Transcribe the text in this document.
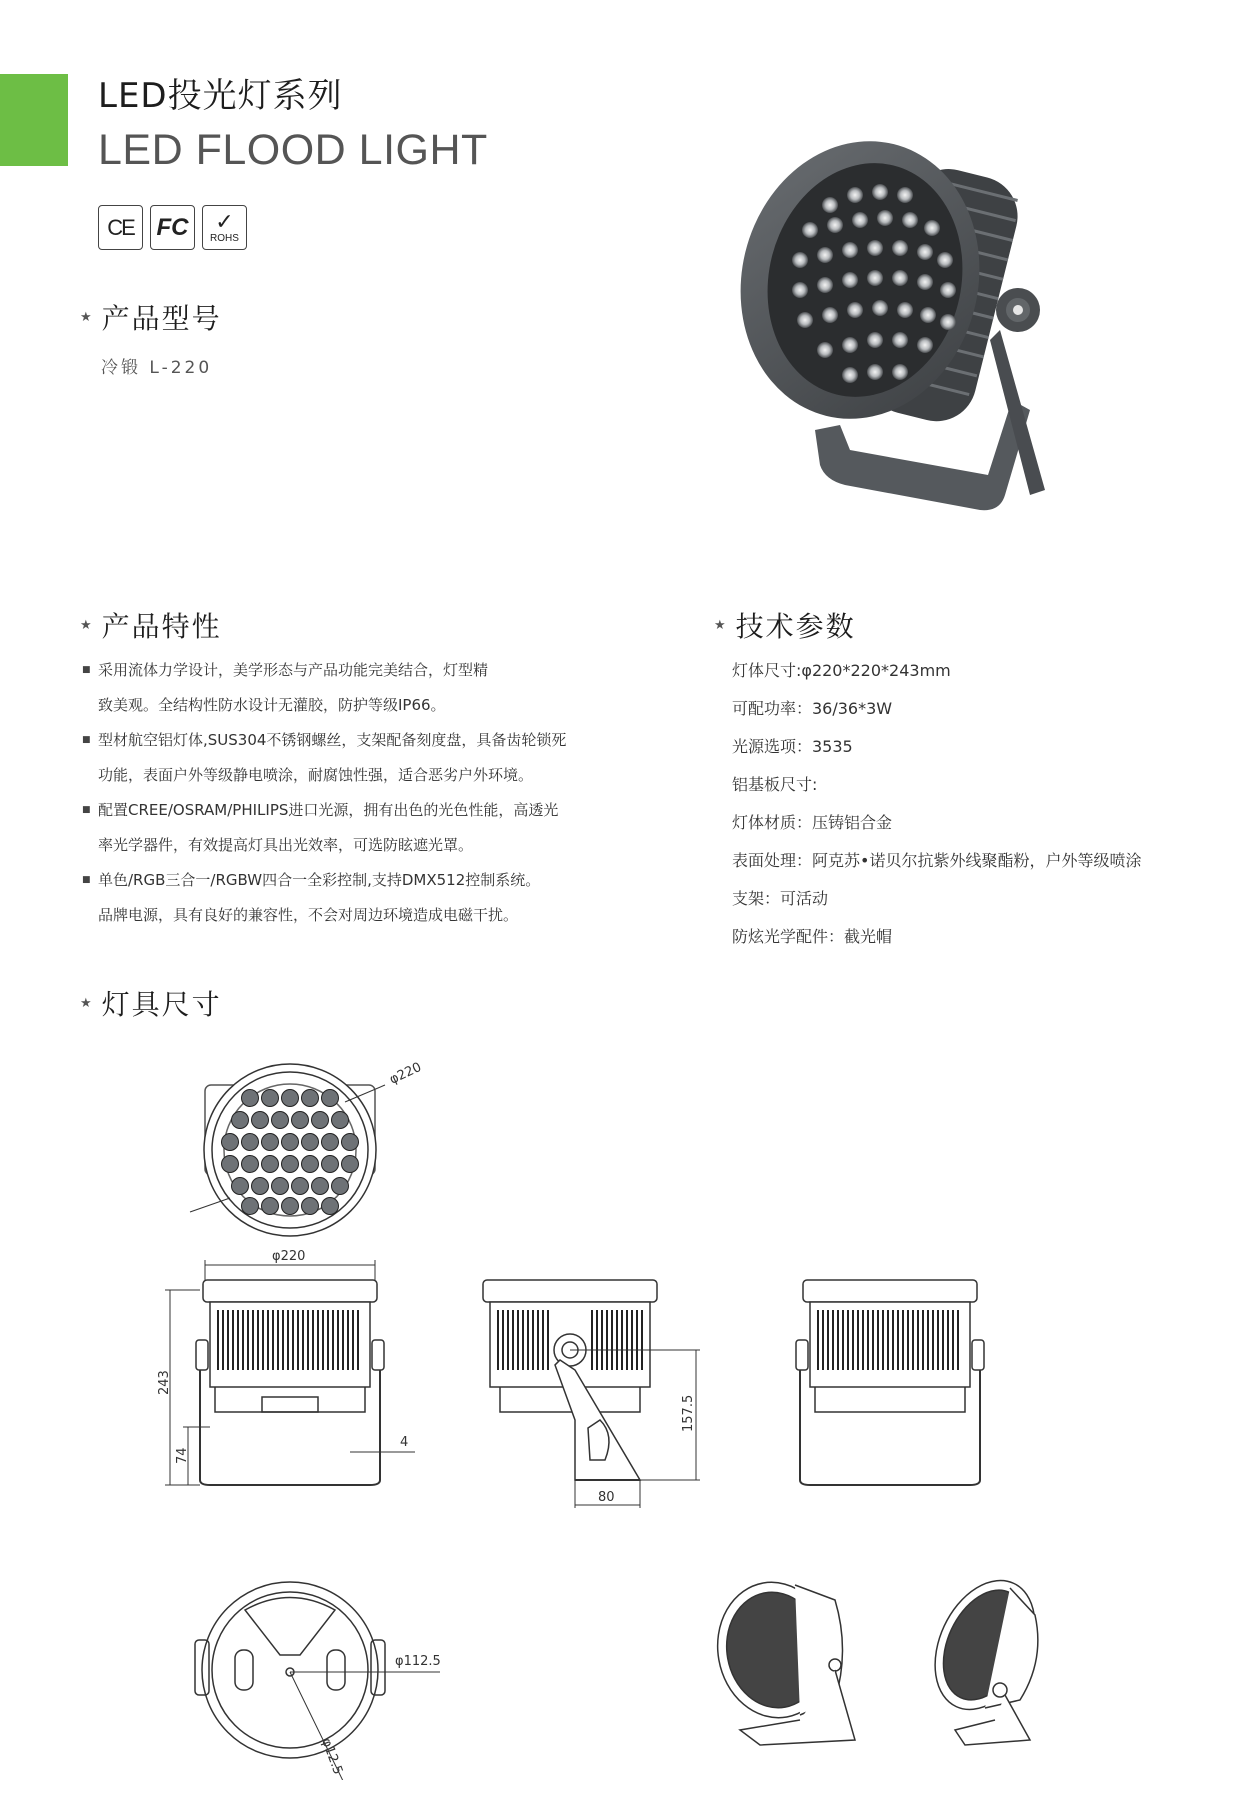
LED投光灯系列
LED FLOOD LIGHT
CE FC ✓
ROHS
★ 产品型号
冷锻 L-220
★ 产品特性
■ 采用流体力学设计，美学形态与产品功能完美结合，灯型精
致美观。全结构性防水设计无灌胶，防护等级IP66。
■ 型材航空铝灯体,SUS304不锈钢螺丝，支架配备刻度盘，具备齿轮锁死
功能，表面户外等级静电喷涂，耐腐蚀性强，适合恶劣户外环境。
■ 配置CREE/OSRAM/PHILIPS进口光源，拥有出色的光色性能，高透光
率光学器件，有效提高灯具出光效率，可选防眩遮光罩。
■ 单色/RGB三合一/RGBW四合一全彩控制,支持DMX512控制系统。
品牌电源，具有良好的兼容性，不会对周边环境造成电磁干扰。
★ 技术参数
灯体尺寸:φ220*220*243mm
可配功率：36/36*3W
光源选项：3535
铝基板尺寸:
灯体材质：压铸铝合金
表面处理：阿克苏•诺贝尔抗紫外线聚酯粉，户外等级喷涂
支架：可活动
防炫光学配件：截光帽
★ 灯具尺寸
φ220
φ220
243
74
4
157.5
80
φ112.5
φ12.5
